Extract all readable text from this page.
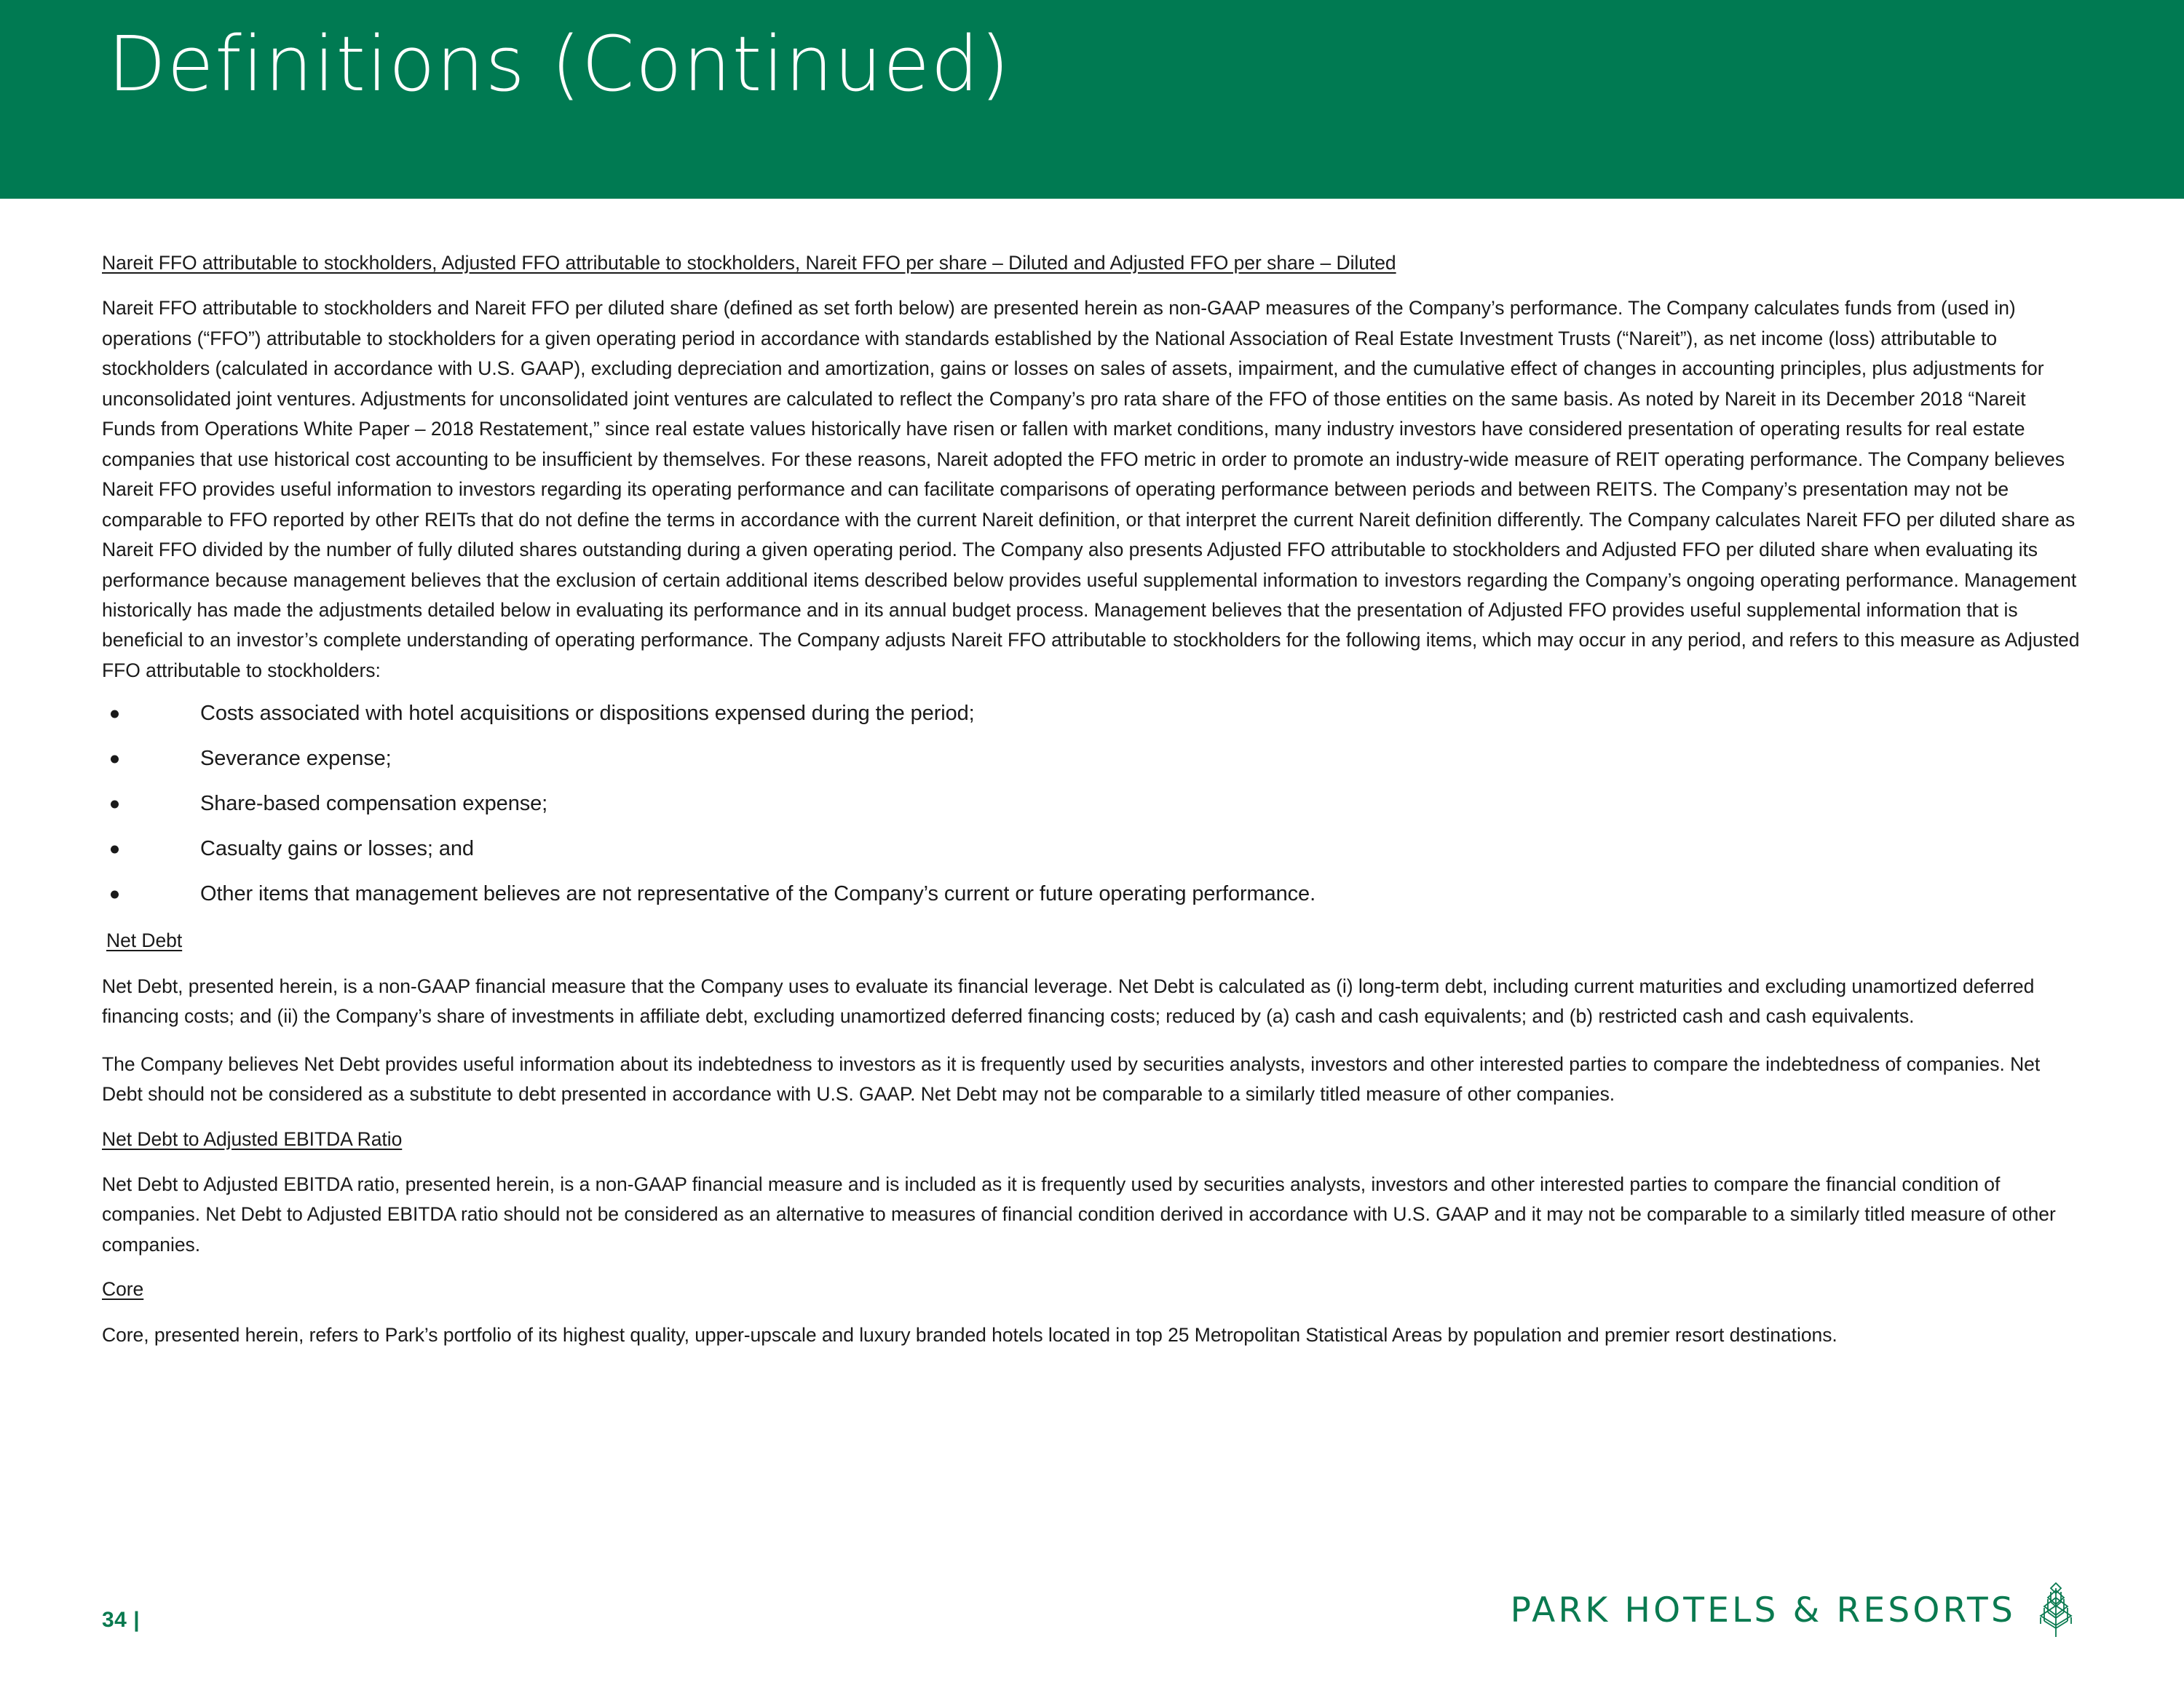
Definitions (Continued)
Nareit FFO attributable to stockholders, Adjusted FFO attributable to stockholders, Nareit FFO per share – Diluted and Adjusted FFO per share – Diluted

Nareit FFO attributable to stockholders and Nareit FFO per diluted share (defined as set forth below) are presented herein as non-GAAP measures of the Company’s performance. The Company calculates funds from (used in) operations (“FFO”) attributable to stockholders for a given operating period in accordance with standards established by the National Association of Real Estate Investment Trusts (“Nareit”), as net income (loss) attributable to stockholders (calculated in accordance with U.S. GAAP), excluding depreciation and amortization, gains or losses on sales of assets, impairment, and the cumulative effect of changes in accounting principles, plus adjustments for unconsolidated joint ventures. Adjustments for unconsolidated joint ventures are calculated to reflect the Company’s pro rata share of the FFO of those entities on the same basis. As noted by Nareit in its December 2018 “Nareit Funds from Operations White Paper – 2018 Restatement,” since real estate values historically have risen or fallen with market conditions, many industry investors have considered presentation of operating results for real estate companies that use historical cost accounting to be insufficient by themselves. For these reasons, Nareit adopted the FFO metric in order to promote an industry-wide measure of REIT operating performance. The Company believes Nareit FFO provides useful information to investors regarding its operating performance and can facilitate comparisons of operating performance between periods and between REITS. The Company’s presentation may not be comparable to FFO reported by other REITs that do not define the terms in accordance with the current Nareit definition, or that interpret the current Nareit definition differently. The Company calculates Nareit FFO per diluted share as Nareit FFO divided by the number of fully diluted shares outstanding during a given operating period. The Company also presents Adjusted FFO attributable to stockholders and Adjusted FFO per diluted share when evaluating its performance because management believes that the exclusion of certain additional items described below provides useful supplemental information to investors regarding the Company’s ongoing operating performance. Management historically has made the adjustments detailed below in evaluating its performance and in its annual budget process. Management believes that the presentation of Adjusted FFO provides useful supplemental information that is beneficial to an investor’s complete understanding of operating performance. The Company adjusts Nareit FFO attributable to stockholders for the following items, which may occur in any period, and refers to this measure as Adjusted FFO attributable to stockholders:

Costs associated with hotel acquisitions or dispositions expensed during the period;
Severance expense;
Share-based compensation expense;
Casualty gains or losses; and
Other items that management believes are not representative of the Company’s current or future operating performance.
Net Debt

Net Debt, presented herein, is a non-GAAP financial measure that the Company uses to evaluate its financial leverage. Net Debt is calculated as (i) long-term debt, including current maturities and excluding unamortized deferred financing costs; and (ii) the Company’s share of investments in affiliate debt, excluding unamortized deferred financing costs; reduced by (a) cash and cash equivalents; and (b) restricted cash and cash equivalents.

The Company believes Net Debt provides useful information about its indebtedness to investors as it is frequently used by securities analysts, investors and other interested parties to compare the indebtedness of companies. Net Debt should not be considered as a substitute to debt presented in accordance with U.S. GAAP. Net Debt may not be comparable to a similarly titled measure of other companies.

Net Debt to Adjusted EBITDA Ratio

Net Debt to Adjusted EBITDA ratio, presented herein, is a non-GAAP financial measure and is included as it is frequently used by securities analysts, investors and other interested parties to compare the financial condition of companies. Net Debt to Adjusted EBITDA ratio should not be considered as an alternative to measures of financial condition derived in accordance with U.S. GAAP and it may not be comparable to a similarly titled measure of other companies.

Core

Core, presented herein, refers to Park’s portfolio of its highest quality, upper-upscale and luxury branded hotels located in top 25 Metropolitan Statistical Areas by population and premier resort destinations.

34 |	PARK HOTELS & RESORTS
